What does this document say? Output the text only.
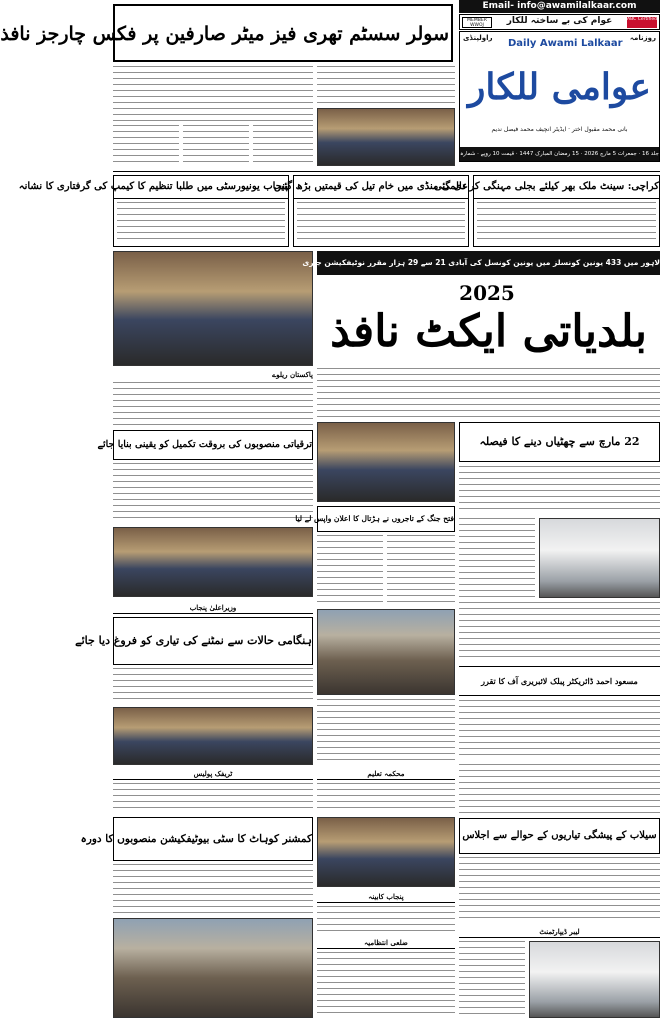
سولر سسٹم تھری فیز میٹر صارفین پر فکس چارجز نافذ
Email- info@awamilalkaar.com
MEMBER WWOJ	عوام کی بے ساختہ للکار	ABC Certified
Daily Awami Lalkaar روزنامہ
راولپنڈی
عوامی للکار
بانی محمد مقبول اختر · ایڈیٹر انچیف محمد فیصل ندیم
جلد 16 · جمعرات 5 مارچ 2026 · 15 رمضان المبارک 1447 · قیمت 10 روپے · شمارہ 326
پنجاب یونیورسٹی میں طلبا تنظیم کا کیمپ کی گرفتاری کا نشانہ
عالمی منڈی میں خام تیل کی قیمتیں بڑھ گئیں
کراچی: سینٹ ملک بھر کیلئے بجلی مہنگی کر دی گئی
لاہور میں 433 یونین کونسلز میں یونین کونسل کی آبادی 21 سے 29 ہزار مقرر نوٹیفکیشن جاری
2025
بلدیاتی ایکٹ نافذ
پاکستان ریلوے
ترقیاتی منصوبوں کی بروقت تکمیل کو یقینی بنایا جائے	22 مارچ سے چھٹیاں دینے کا فیصلہ
فتح جنگ کے تاجروں نے ہڑتال کا اعلان واپس لے لیا
وزیراعلیٰ پنجاب
ہنگامی حالات سے نمٹنے کی تیاری کو فروغ دیا جائے
مسعود احمد ڈائریکٹر پبلک لائبریری آف کا تقرر
ٹریفک پولیس	محکمہ تعلیم
کمشنر کوہاٹ کا سٹی بیوٹیفکیشن منصوبوں کا دورہ	سیلاب کے پیشگی تیاریوں کے حوالے سے اجلاس
پنجاب کابینہ
ضلعی انتظامیہ
لیبر ڈیپارٹمنٹ
